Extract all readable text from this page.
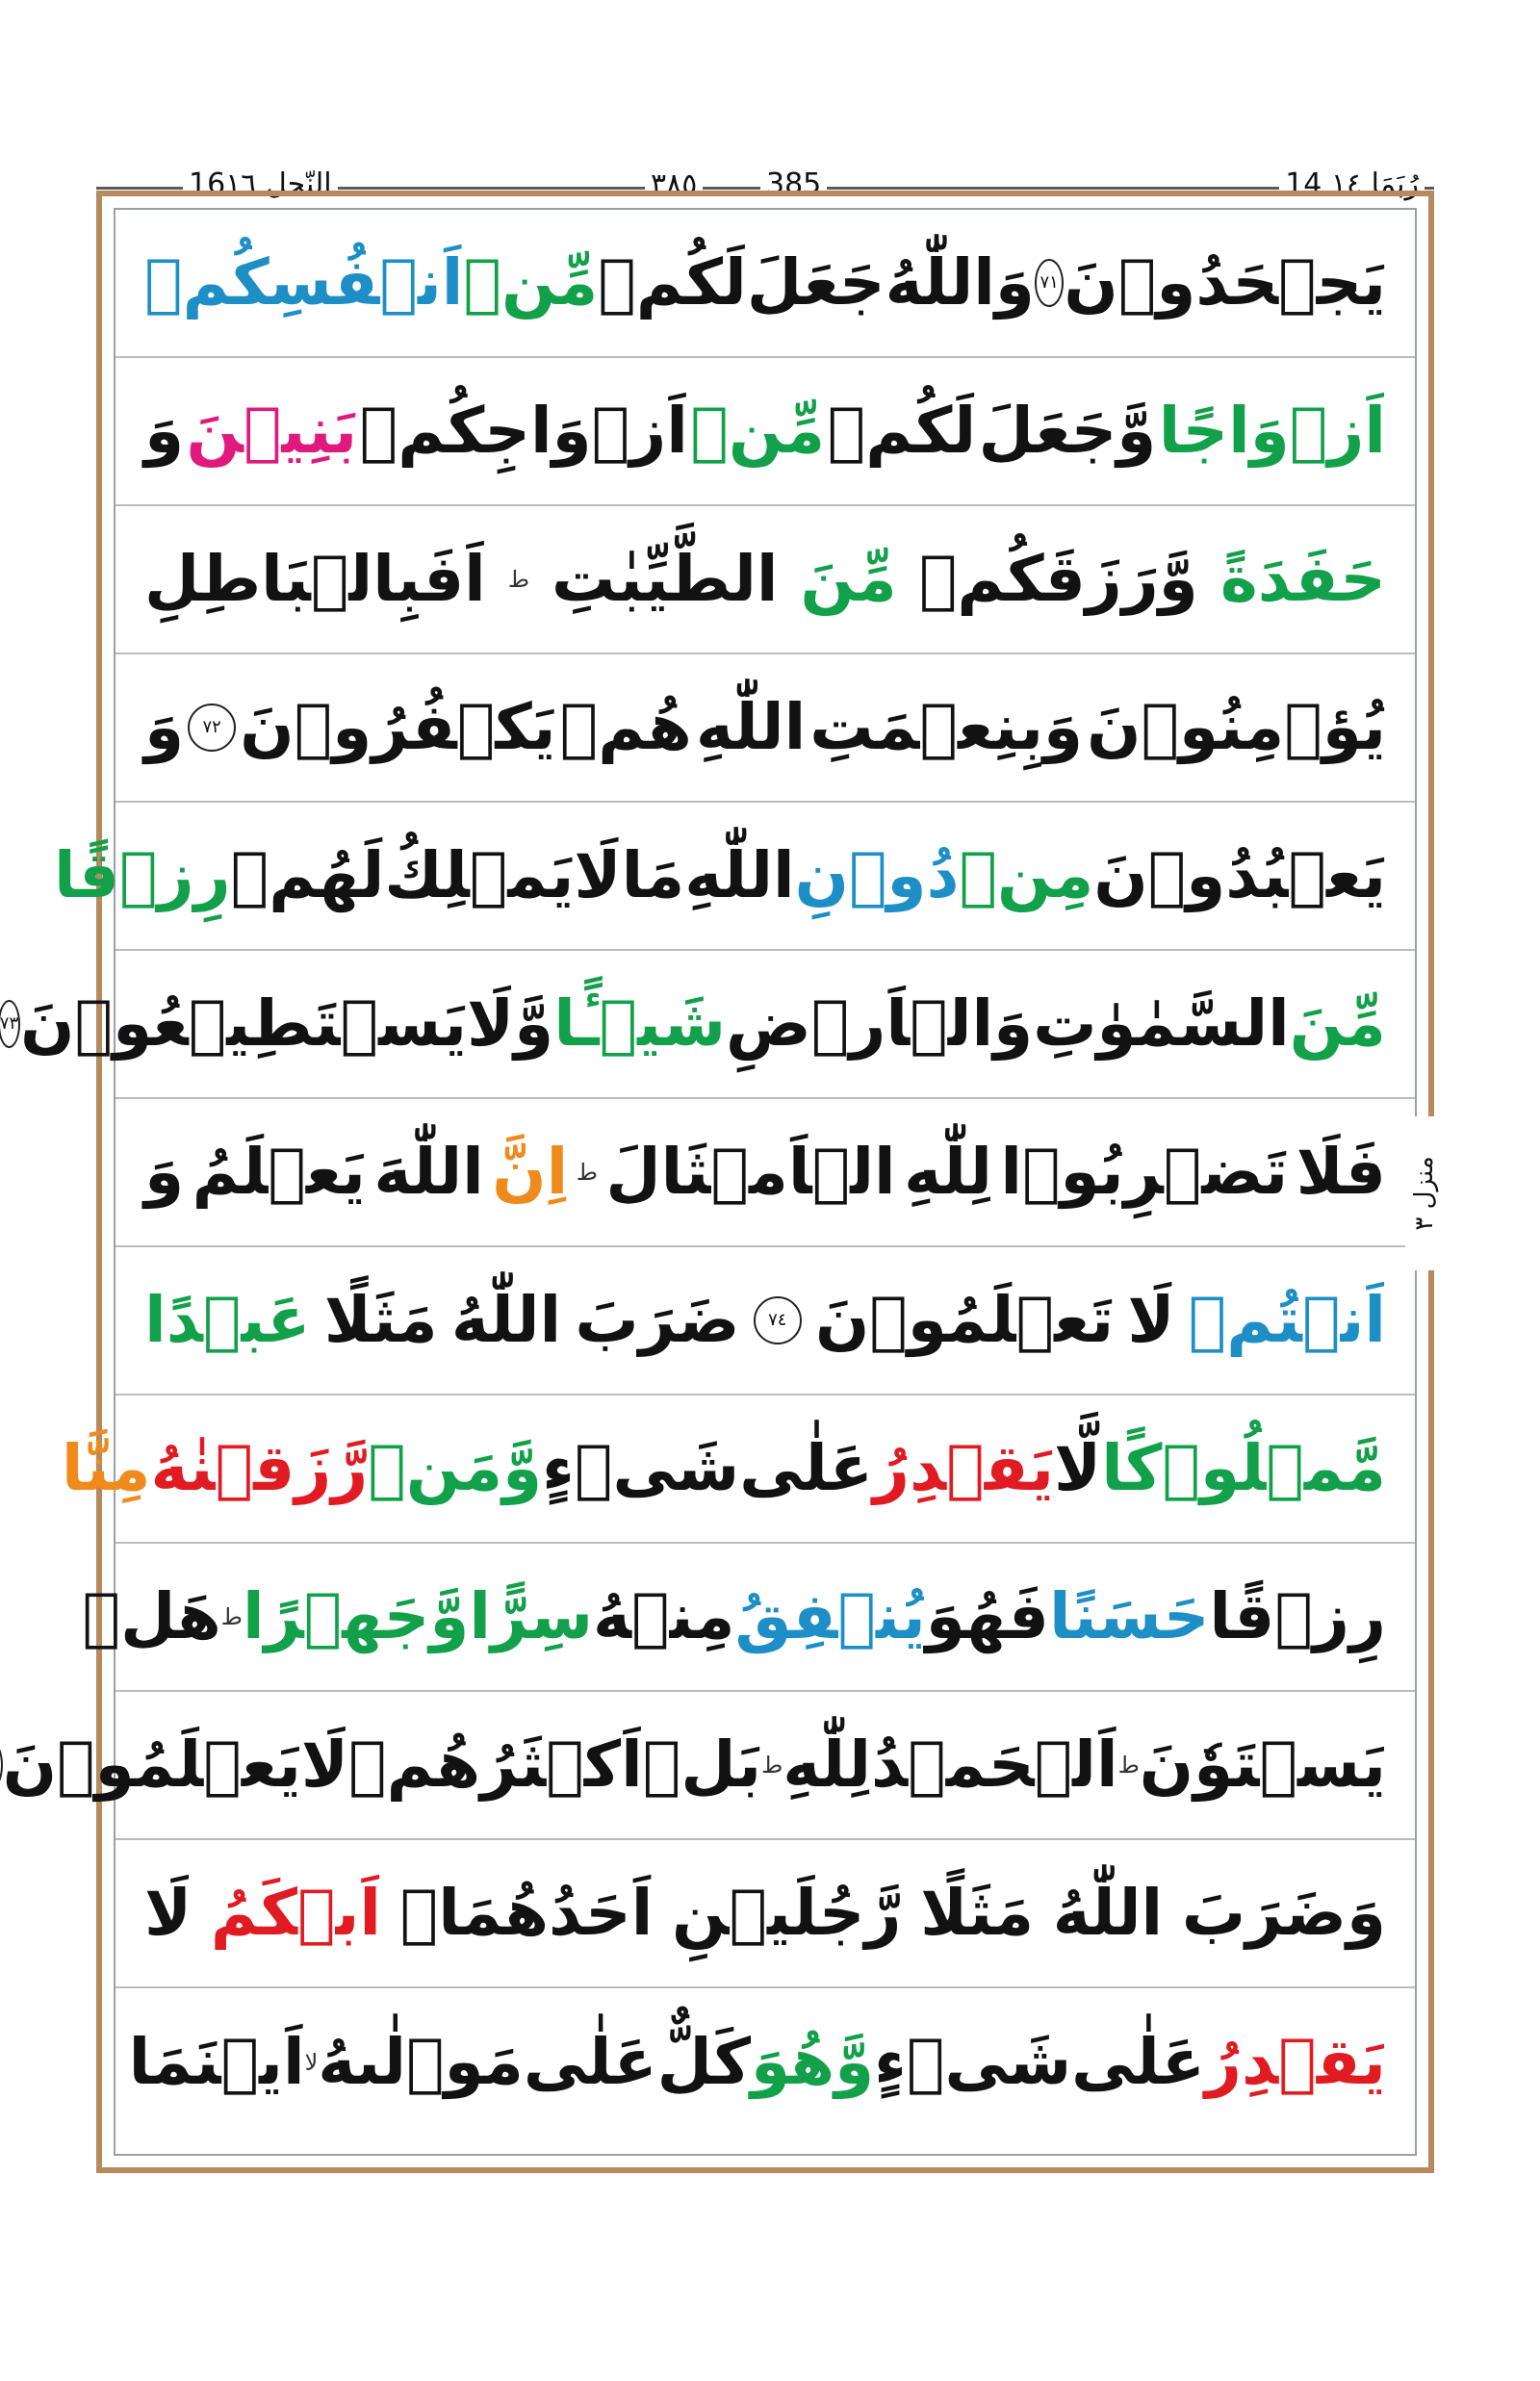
16النّحل ١٦	٣٨٥ 385	14 رُبَمَا ١٤
يَجۡحَدُوۡنَ
٧١
وَاللّٰهُ
جَعَلَ
لَكُمۡ
مِّنۡ
اَنۡفُسِكُمۡ
اَزۡوَاجًا
وَّجَعَلَ
لَكُمۡ
مِّنۡ
اَزۡوَاجِكُمۡ
بَنِيۡنَ
وَ
حَفَدَةً
وَّرَزَقَكُمۡ
مِّنَ
الطَّيِّبٰتِ
ط
اَفَبِالۡبَاطِلِ
يُؤۡمِنُوۡنَ
وَبِنِعۡمَتِ
اللّٰهِ
هُمۡ
يَكۡفُرُوۡنَ
٧٢
وَ
يَعۡبُدُوۡنَ
مِنۡ
دُوۡنِ
اللّٰهِ
مَا
لَا
يَمۡلِكُ
لَهُمۡ
رِزۡقًا
مِّنَ
السَّمٰوٰتِ
وَالۡاَرۡضِ
شَيۡـًٔا
وَّلَا
يَسۡتَطِيۡعُوۡنَ
٧٣
فَلَا
تَضۡرِبُوۡا
لِلّٰهِ
الۡاَمۡثَالَ
ط
اِنَّ
اللّٰهَ
يَعۡلَمُ
وَ
اَنۡتُمۡ
لَا
تَعۡلَمُوۡنَ
٧٤
ضَرَبَ
اللّٰهُ
مَثَلًا
عَبۡدًا
مَّمۡلُوۡكًا
لَّا
يَقۡدِرُ
عَلٰى
شَىۡءٍ
وَّمَنۡ
رَّزَقۡنٰهُ
مِنَّا
رِزۡقًا
حَسَنًا
فَهُوَ
يُنۡفِقُ
مِنۡهُ
سِرًّا
وَّجَهۡرًا
ط
هَلۡ
يَسۡتَوٗنَ
ط
اَلۡحَمۡدُ
لِلّٰهِ
ط
بَلۡ
اَكۡثَرُهُمۡ
لَا
يَعۡلَمُوۡنَ
وَضَرَبَ
اللّٰهُ
مَثَلًا
رَّجُلَيۡنِ
اَحَدُهُمَاۤ
اَبۡكَمُ
لَا
يَقۡدِرُ
عَلٰى
شَىۡءٍ
وَّهُوَ
كَلٌّ
عَلٰى
مَوۡلٰٮهُ
لا
اَيۡنَمَا
منزل ٣
